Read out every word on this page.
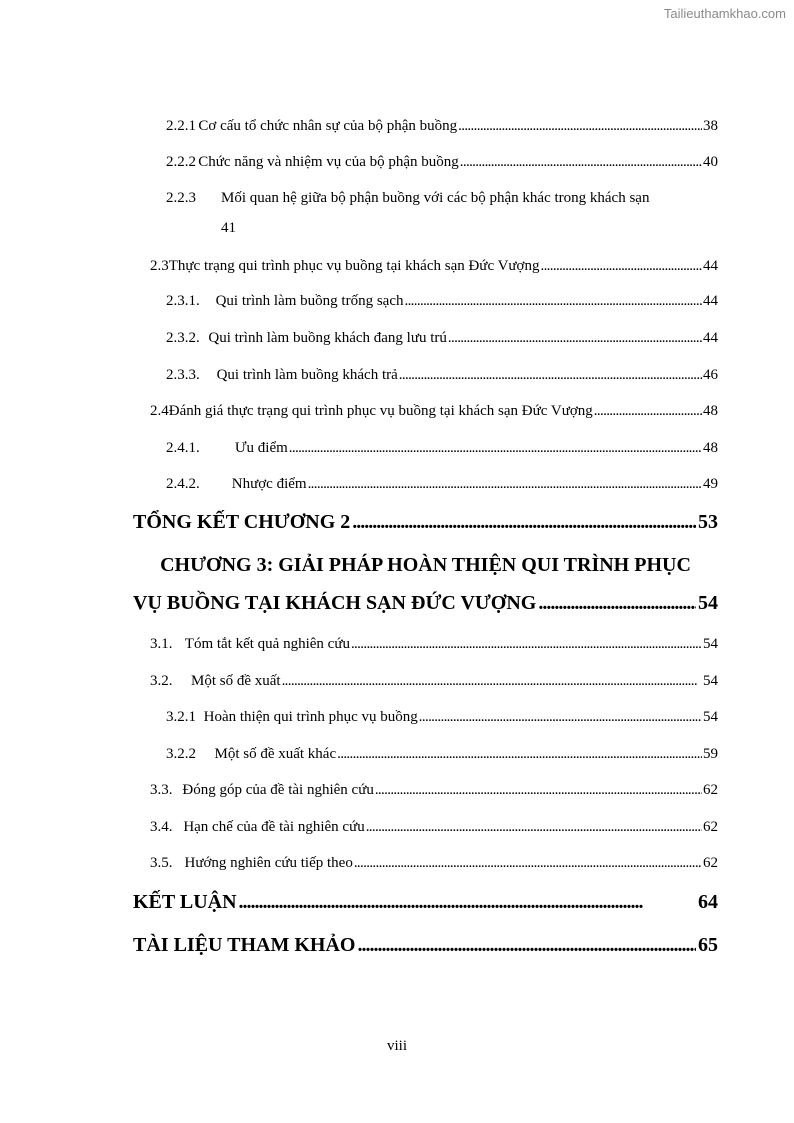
Tailieuthamkhao.com
2.2.1 Cơ cấu tổ chức nhân sự của bộ phận buồng . . .	38
2.2.2 Chức năng và nhiệm vụ của bộ phận buồng . . .	40
2.2.3 Mối quan hệ giữa bộ phận buồng với các bộ phận khác trong khách sạn
41
2.3 Thực trạng qui trình phục vụ buồng tại khách sạn Đức Vượng . . .	44
2.3.1.	Qui trình làm buồng trống sạch . . .	44
2.3.2. Qui trình làm buồng khách đang lưu trú . . .	44
2.3.3.	Qui trình làm buồng khách trả . . .	46
2.4 Đánh giá thực trạng qui trình phục vụ buồng tại khách sạn Đức Vượng . . .	48
2.4.1.	Ưu điểm . . .	48
2.4.2.	Nhược điểm . . .	49
TỔNG KẾT CHƯƠNG 2 . . .	53
CHƯƠNG 3: GIẢI PHÁP HOÀN THIỆN QUI TRÌNH PHỤC
VỤ BUỒNG TẠI KHÁCH SẠN ĐỨC VƯỢNG . . .	54
3.1. Tóm tắt kết quả nghiên cứu . . .	54
3.2.	Một số đề xuất . . .	54
3.2.1 Hoàn thiện qui trình phục vụ buồng . . .	54
3.2.2	Một số đề xuất khác . . .	59
3.3. Đóng góp của đề tài nghiên cứu . . .	62
3.4. Hạn chế của đề tài nghiên cứu . . .	62
3.5. Hướng nghiên cứu tiếp theo . . .	62
KẾT LUẬN . . .	64
TÀI LIỆU THAM KHẢO . . .	65
viii
